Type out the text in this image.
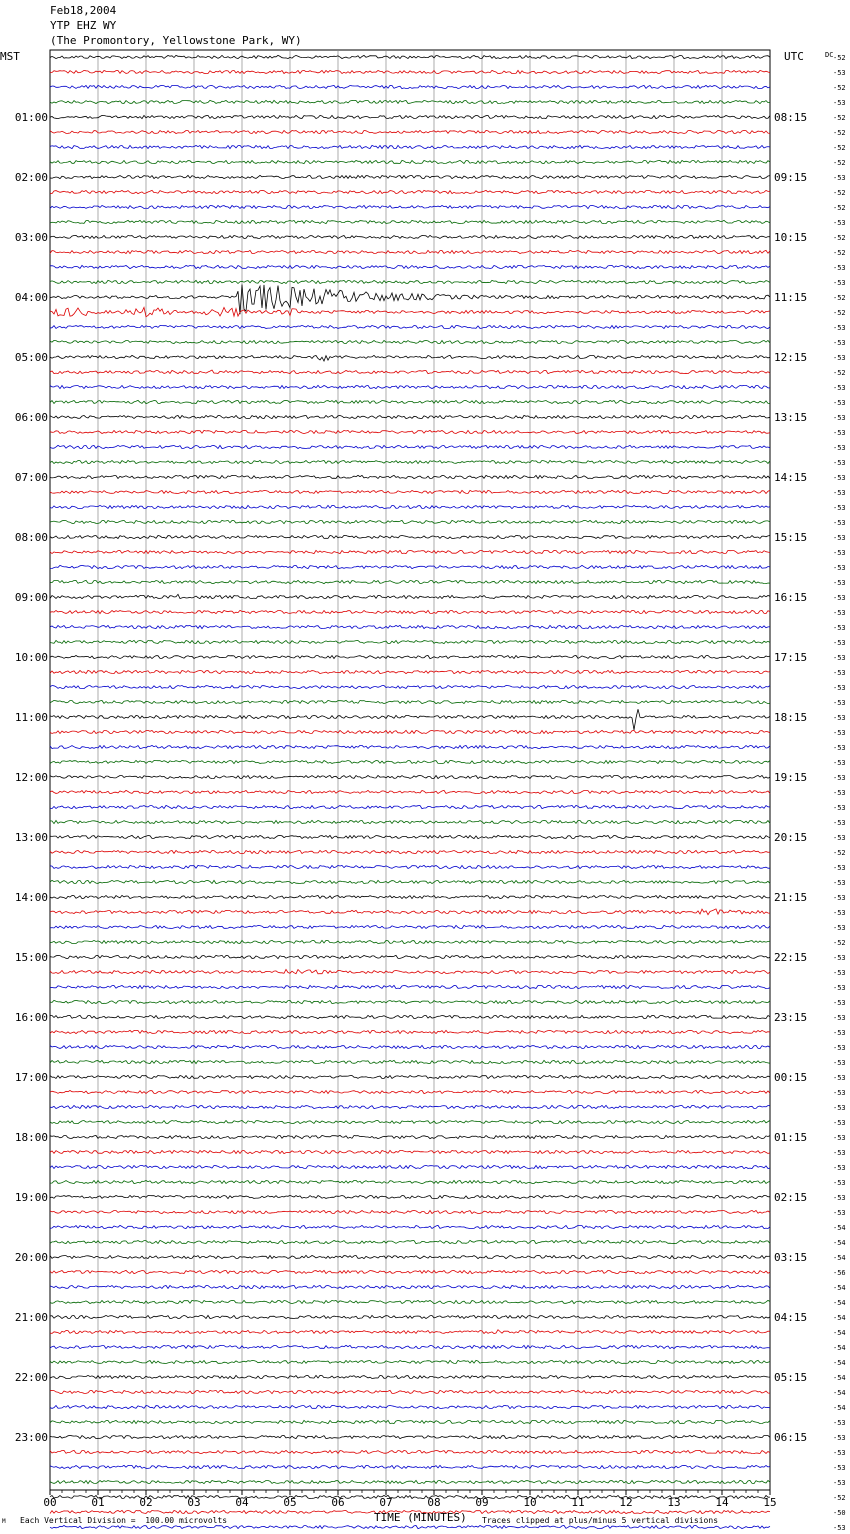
Feb18,2004
YTP EHZ WY
(The Promontory, Yellowstone Park, WY)
MST	UTC	DC -52
-53
-52
-53
-52
-52
-52
-52
-53
-52
-52
-53
-52
-52
-53
-53
-52
-52
-53
-53
-53
-52
-53
-53
-53
-53
-53
-53
-53
-53
-53
-53
-53
-53
-53
-53
-53
-53
-53
-53
-53
-53
-53
-53
-53
-53
-53
-53
-53
-53
-53
-53
-53
-52
-53
-53
-53
-53
-53
-52
-53
-53
-53
-53
-53
-53
-53
-53
-53
-53
-53
-53
-53
-53
-53
-53
-53
-53
-54
-54
-54
-56
-54
-54
-54
-54
-54
-54
-54
-54
-54
-53
-53
-53
-53
-53
-52
-50
-53
01:00
02:00
03:00
04:00
05:00
06:00
07:00
08:00
09:00
10:00
11:00
12:00
13:00
14:00
15:00
16:00
17:00
18:00
19:00
20:00
21:00
22:00
23:00
08:15
09:15
10:15
11:15
12:15
13:15
14:15
15:15
16:15
17:15
18:15
19:15
20:15
21:15
22:15
23:15
00:15
01:15
02:15
03:15
04:15
05:15
06:15
00	01	02	03	04	05	06	07	08	09	10	11	12	13	14	15
M Each Vertical Division =  100.00 microvolts	TIME (MINUTES) Traces clipped at plus/minus 5 vertical divisions
